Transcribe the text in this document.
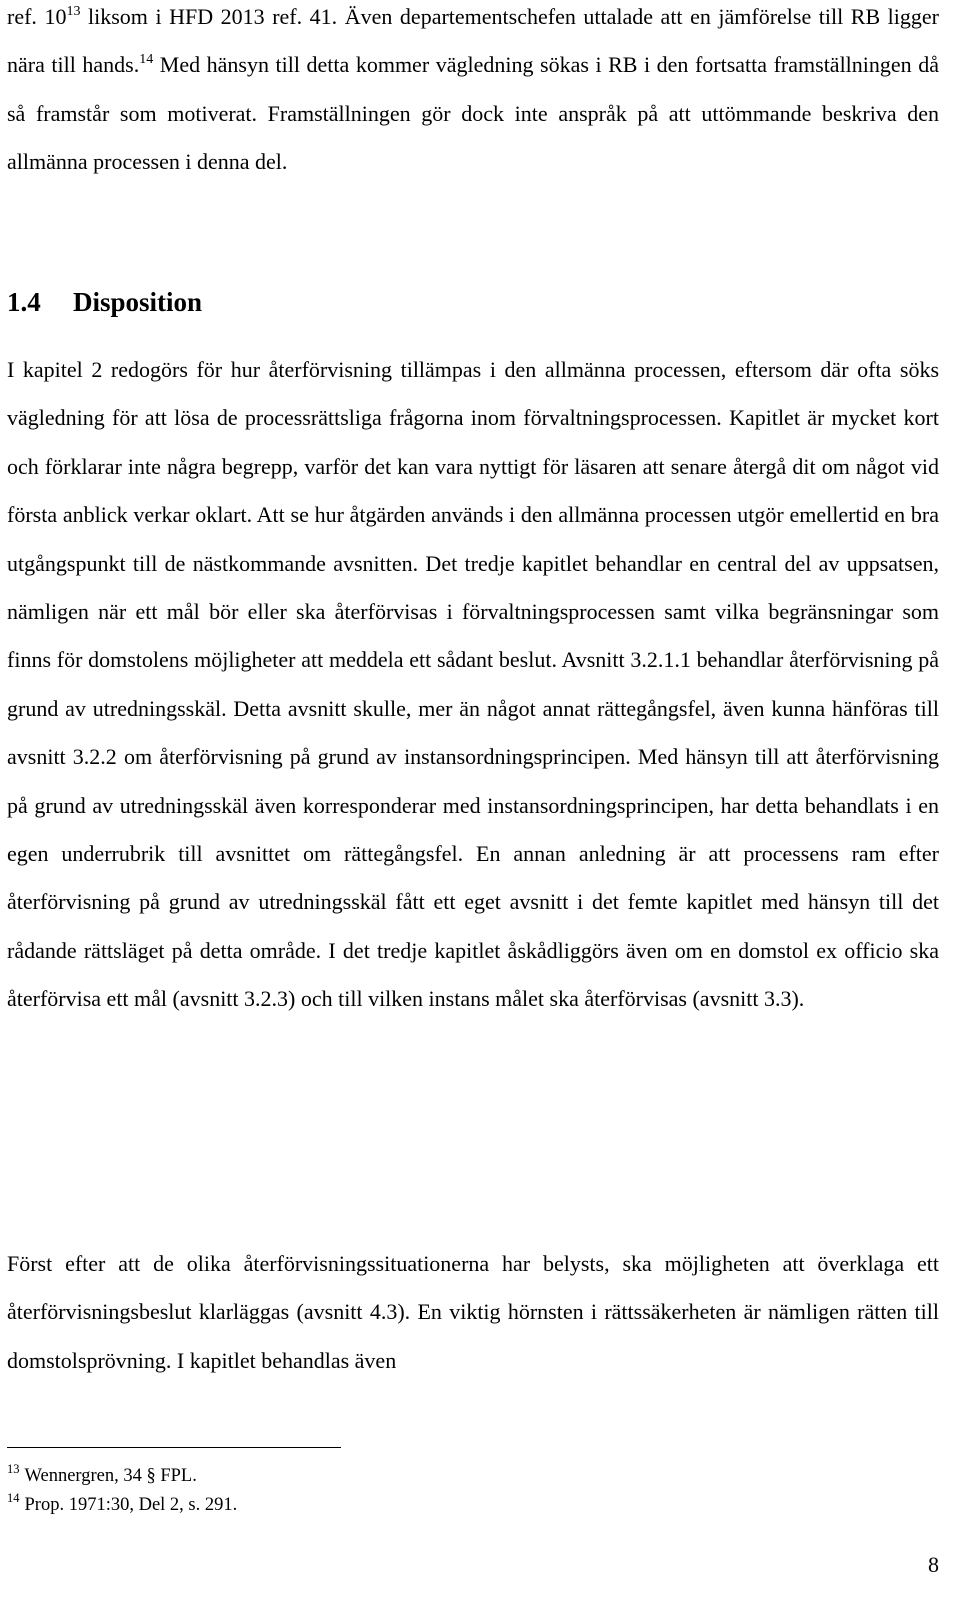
ref. $10^{13}$ liksom i HFD 2013 ref. 41. Även departementschefen uttalade att en jämförelse till RB ligger nära till hands.$^{14}$ Med hänsyn till detta kommer vägledning sökas i RB i den fortsatta framställningen då så framstår som motiverat. Framställningen gör dock inte anspråk på att uttömmande beskriva den allmänna processen i denna del.

1.4 Disposition

I kapitel 2 redogörs för hur återförvisning tillämpas i den allmänna processen, eftersom där ofta söks vägledning för att lösa de processrättsliga frågorna inom förvaltningsprocessen. Kapitlet är mycket kort och förklarar inte några begrepp, varför det kan vara nyttigt för läsaren att senare återgå dit om något vid första anblick verkar oklart. Att se hur åtgärden används i den allmänna processen utgör emellertid en bra utgångspunkt till de nästkommande avsnitten. Det tredje kapitlet behandlar en central del av uppsatsen, nämligen när ett mål bör eller ska återförvisas i förvaltningsprocessen samt vilka begränsningar som finns för domstolens möjligheter att meddela ett sådant beslut. Avsnitt 3.2.1.1 behandlar återförvisning på grund av utredningsskäl. Detta avsnitt skulle, mer än något annat rättegångsfel, även kunna hänföras till avsnitt 3.2.2 om återförvisning på grund av instansordningsprincipen. Med hänsyn till att återförvisning på grund av utredningsskäl även korresponderar med instansordningsprincipen, har detta behandlats i en egen underrubrik till avsnittet om rättegångsfel. En annan anledning är att processens ram efter återförvisning på grund av utredningsskäl fått ett eget avsnitt i det femte kapitlet med hänsyn till det rådande rättsläget på detta område. I det tredje kapitlet åskådliggörs även om en domstol ex officio ska återförvisa ett mål (avsnitt 3.2.3) och till vilken instans målet ska återförvisas (avsnitt 3.3).

Först efter att de olika återförvisningssituationerna har belysts, ska möjligheten att överklaga ett återförvisningsbeslut klarläggas (avsnitt 4.3). En viktig hörnsten i rättssäkerheten är nämligen rätten till domstolsprövning. I kapitlet behandlas även

$^{13}$ Wennergren, 34 § FPL.

$^{14}$ Prop. 1971:30, Del 2, s. 291.

8
